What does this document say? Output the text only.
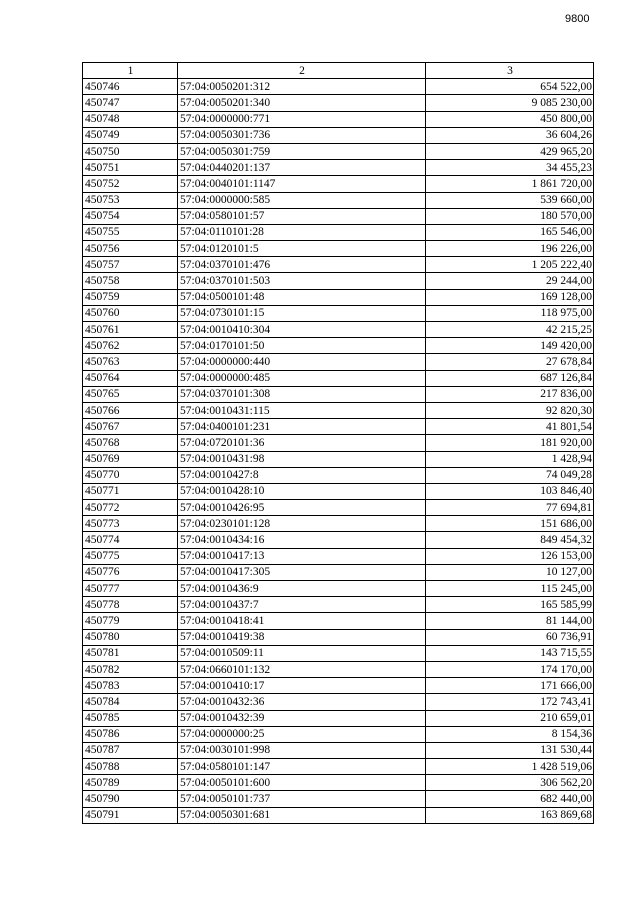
9800
1	2	3
450746	57:04:0050201:312	654 522,00
450747	57:04:0050201:340	9 085 230,00
450748	57:04:0000000:771	450 800,00
450749	57:04:0050301:736	36 604,26
450750	57:04:0050301:759	429 965,20
450751	57:04:0440201:137	34 455,23
450752	57:04:0040101:1147	1 861 720,00
450753	57:04:0000000:585	539 660,00
450754	57:04:0580101:57	180 570,00
450755	57:04:0110101:28	165 546,00
450756	57:04:0120101:5	196 226,00
450757	57:04:0370101:476	1 205 222,40
450758	57:04:0370101:503	29 244,00
450759	57:04:0500101:48	169 128,00
450760	57:04:0730101:15	118 975,00
450761	57:04:0010410:304	42 215,25
450762	57:04:0170101:50	149 420,00
450763	57:04:0000000:440	27 678,84
450764	57:04:0000000:485	687 126,84
450765	57:04:0370101:308	217 836,00
450766	57:04:0010431:115	92 820,30
450767	57:04:0400101:231	41 801,54
450768	57:04:0720101:36	181 920,00
450769	57:04:0010431:98	1 428,94
450770	57:04:0010427:8	74 049,28
450771	57:04:0010428:10	103 846,40
450772	57:04:0010426:95	77 694,81
450773	57:04:0230101:128	151 686,00
450774	57:04:0010434:16	849 454,32
450775	57:04:0010417:13	126 153,00
450776	57:04:0010417:305	10 127,00
450777	57:04:0010436:9	115 245,00
450778	57:04:0010437:7	165 585,99
450779	57:04:0010418:41	81 144,00
450780	57:04:0010419:38	60 736,91
450781	57:04:0010509:11	143 715,55
450782	57:04:0660101:132	174 170,00
450783	57:04:0010410:17	171 666,00
450784	57:04:0010432:36	172 743,41
450785	57:04:0010432:39	210 659,01
450786	57:04:0000000:25	8 154,36
450787	57:04:0030101:998	131 530,44
450788	57:04:0580101:147	1 428 519,06
450789	57:04:0050101:600	306 562,20
450790	57:04:0050101:737	682 440,00
450791	57:04:0050301:681	163 869,68
